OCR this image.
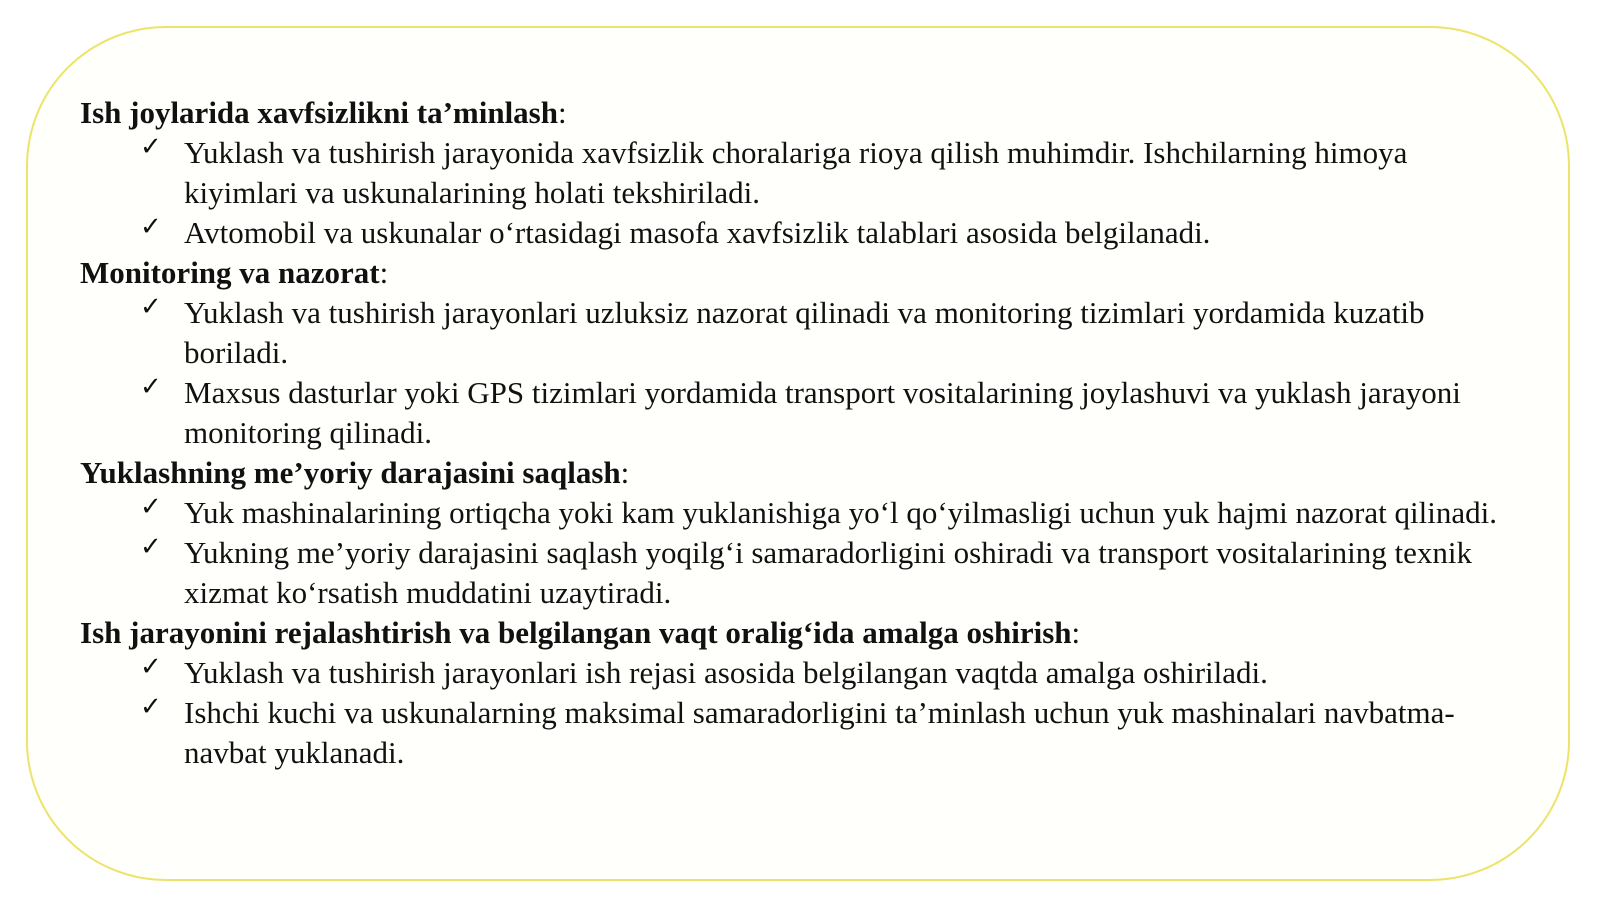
Ish joylarida xavfsizlikni ta’minlash:

✓ Yuklash va tushirish jarayonida xavfsizlik choralariga rioya qilish muhimdir. Ishchilarning himoya kiyimlari va uskunalarining holati tekshiriladi.
✓ Avtomobil va uskunalar o‘rtasidagi masofa xavfsizlik talablari asosida belgilanadi.

Monitoring va nazorat:

✓ Yuklash va tushirish jarayonlari uzluksiz nazorat qilinadi va monitoring tizimlari yordamida kuzatib boriladi.
✓ Maxsus dasturlar yoki GPS tizimlari yordamida transport vositalarining joylashuvi va yuklash jarayoni monitoring qilinadi.

Yuklashning me’yoriy darajasini saqlash:

✓ Yuk mashinalarining ortiqcha yoki kam yuklanishiga yo‘l qo‘yilmasligi uchun yuk hajmi nazorat qilinadi.
✓ Yukning me’yoriy darajasini saqlash yoqilg‘i samaradorligini oshiradi va transport vositalarining texnik xizmat ko‘rsatish muddatini uzaytiradi.

Ish jarayonini rejalashtirish va belgilangan vaqt oralig‘ida amalga oshirish:

✓ Yuklash va tushirish jarayonlari ish rejasi asosida belgilangan vaqtda amalga oshiriladi.
✓ Ishchi kuchi va uskunalarning maksimal samaradorligini ta’minlash uchun yuk mashinalari navbatma-navbat yuklanadi.
